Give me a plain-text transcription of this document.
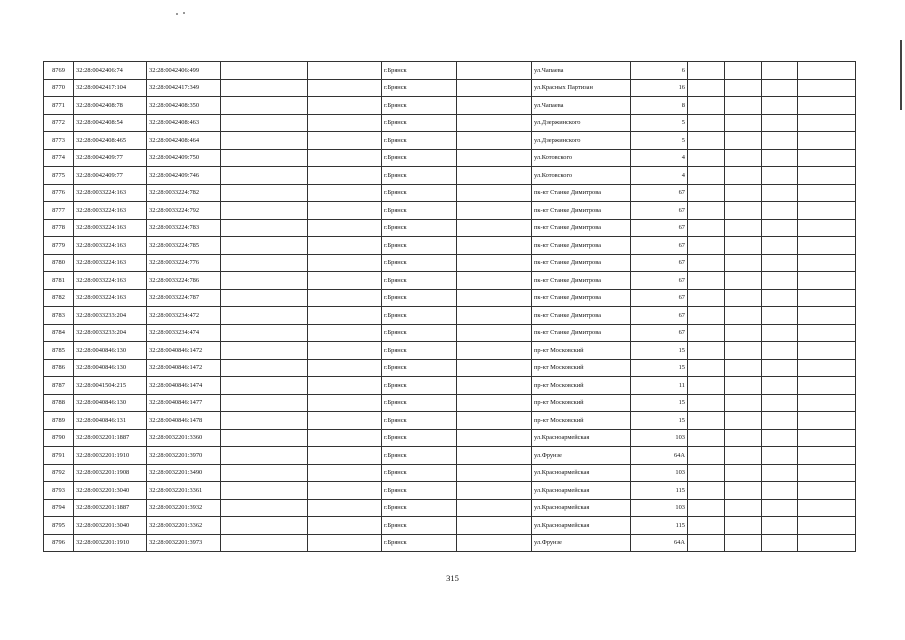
8769	32:28:0042406:74	32:28:0042406:499			г.Брянск		ул.Чапаева	6				
8770	32:28:0042417:104	32:28:0042417:349			г.Брянск		ул.Красных Партизан	16				
8771	32:28:0042408:78	32:28:0042408:350			г.Брянск		ул.Чапаева	8				
8772	32:28:0042408:54	32:28:0042408:463			г.Брянск		ул.Дзержинского	5				
8773	32:28:0042408:465	32:28:0042408:464			г.Брянск		ул.Дзержинского	5				
8774	32:28:0042409:77	32:28:0042409:750			г.Брянск		ул.Котовского	4				
8775	32:28:0042409:77	32:28:0042409:746			г.Брянск		ул.Котовского	4				
8776	32:28:0033224:163	32:28:0033224:782			г.Брянск		пк-кт Станке Димитрова	67				
8777	32:28:0033224:163	32:28:0033224:792			г.Брянск		пк-кт Станке Димитрова	67				
8778	32:28:0033224:163	32:28:0033224:783			г.Брянск		пк-кт Станке Димитрова	67				
8779	32:28:0033224:163	32:28:0033224:785			г.Брянск		пк-кт Станке Димитрова	67				
8780	32:28:0033224:163	32:28:0033224:776			г.Брянск		пк-кт Станке Димитрова	67				
8781	32:28:0033224:163	32:28:0033224:786			г.Брянск		пк-кт Станке Димитрова	67				
8782	32:28:0033224:163	32:28:0033224:787			г.Брянск		пк-кт Станке Димитрова	67				
8783	32:28:0033233:204	32:28:0033234:472			г.Брянск		пк-кт Станке Димитрова	67				
8784	32:28:0033233:204	32:28:0033234:474			г.Брянск		пк-кт Станке Димитрова	67				
8785	32:28:0040846:130	32:28:0040846:1472			г.Брянск		пр-кт Московский	15				
8786	32:28:0040846:130	32:28:0040846:1472			г.Брянск		пр-кт Московский	15				
8787	32:28:0041504:215	32:28:0040846:1474			г.Брянск		пр-кт Московский	11				
8788	32:28:0040846:130	32:28:0040846:1477			г.Брянск		пр-кт Московский	15				
8789	32:28:0040846:131	32:28:0040846:1478			г.Брянск		пр-кт Московский	15				
8790	32:28:0032201:1887	32:28:0032201:3360			г.Брянск		ул.Красноармейская	103				
8791	32:28:0032201:1910	32:28:0032201:3970			г.Брянск		ул.Фрунзе	64А				
8792	32:28:0032201:1908	32:28:0032201:3490			г.Брянск		ул.Красноармейская	103				
8793	32:28:0032201:3040	32:28:0032201:3361			г.Брянск		ул.Красноармейская	115				
8794	32:28:0032201:1887	32:28:0032201:3932			г.Брянск		ул.Красноармейская	103				
8795	32:28:0032201:3040	32:28:0032201:3362			г.Брянск		ул.Красноармейская	115				
8796	32:28:0032201:1910	32:28:0032201:3973			г.Брянск		ул.Фрунзе	64А				
315
